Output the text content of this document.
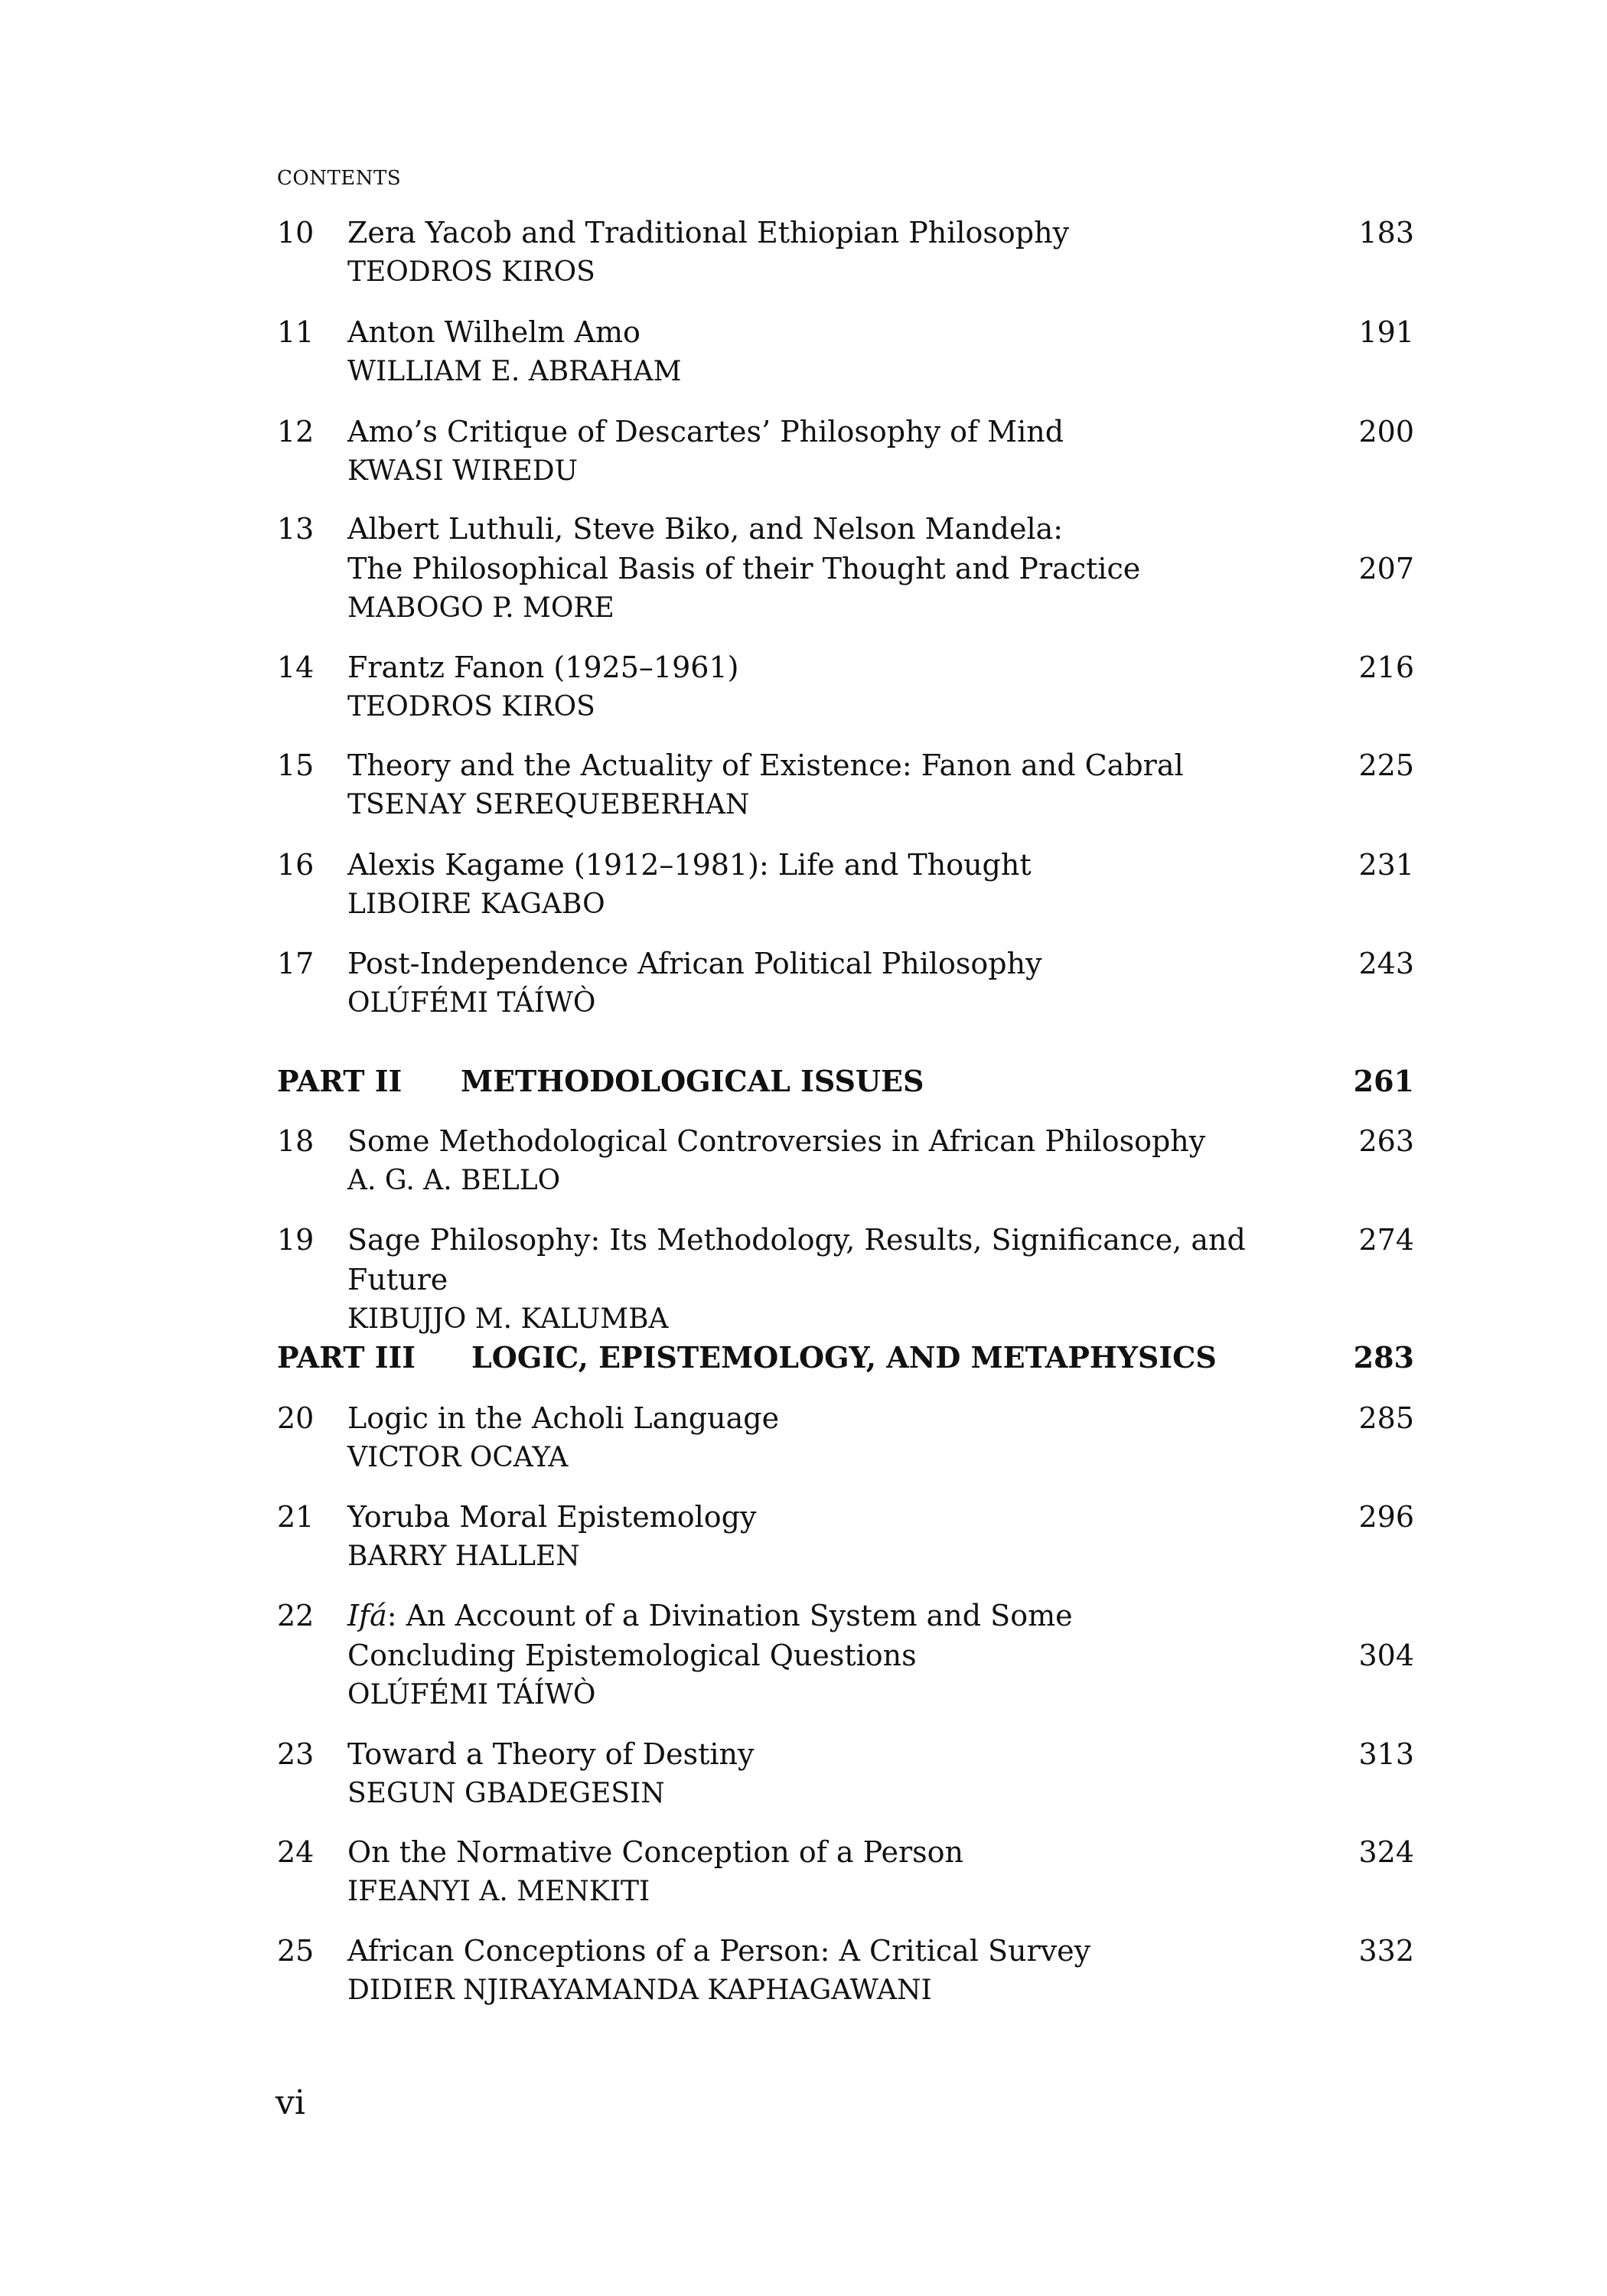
CONTENTS
10 Zera Yacob and Traditional Ethiopian Philosophy
TEODROS KIROS
183
11 Anton Wilhelm Amo
WILLIAM E. ABRAHAM
191
12 Amo’s Critique of Descartes’ Philosophy of Mind
KWASI WIREDU
200
13 Albert Luthuli, Steve Biko, and Nelson Mandela:
The Philosophical Basis of their Thought and Practice
MABOGO P. MORE
207
14 Frantz Fanon (1925–1961)
TEODROS KIROS
216
15 Theory and the Actuality of Existence: Fanon and Cabral
TSENAY SEREQUEBERHAN
225
16 Alexis Kagame (1912–1981): Life and Thought
LIBOIRE KAGABO
231
17 Post-Independence African Political Philosophy
OLÚFÉMI TÁÍWÒ
243
18 Some Methodological Controversies in African Philosophy
A. G. A. BELLO
263
19 Sage Philosophy: Its Methodology, Results, Significance, and Future
KIBUJJO M. KALUMBA
274
20 Logic in the Acholi Language
VICTOR OCAYA
285
21 Yoruba Moral Epistemology
BARRY HALLEN
296
22 Ifá: An Account of a Divination System and Some
Concluding Epistemological Questions
OLÚFÉMI TÁÍWÒ
304
23 Toward a Theory of Destiny
SEGUN GBADEGESIN
313
24 On the Normative Conception of a Person
IFEANYI A. MENKITI
324
25 African Conceptions of a Person: A Critical Survey
DIDIER NJIRAYAMANDA KAPHAGAWANI
332
PART II METHODOLOGICAL ISSUES	261
PART III LOGIC, EPISTEMOLOGY, AND METAPHYSICS	283
vi
